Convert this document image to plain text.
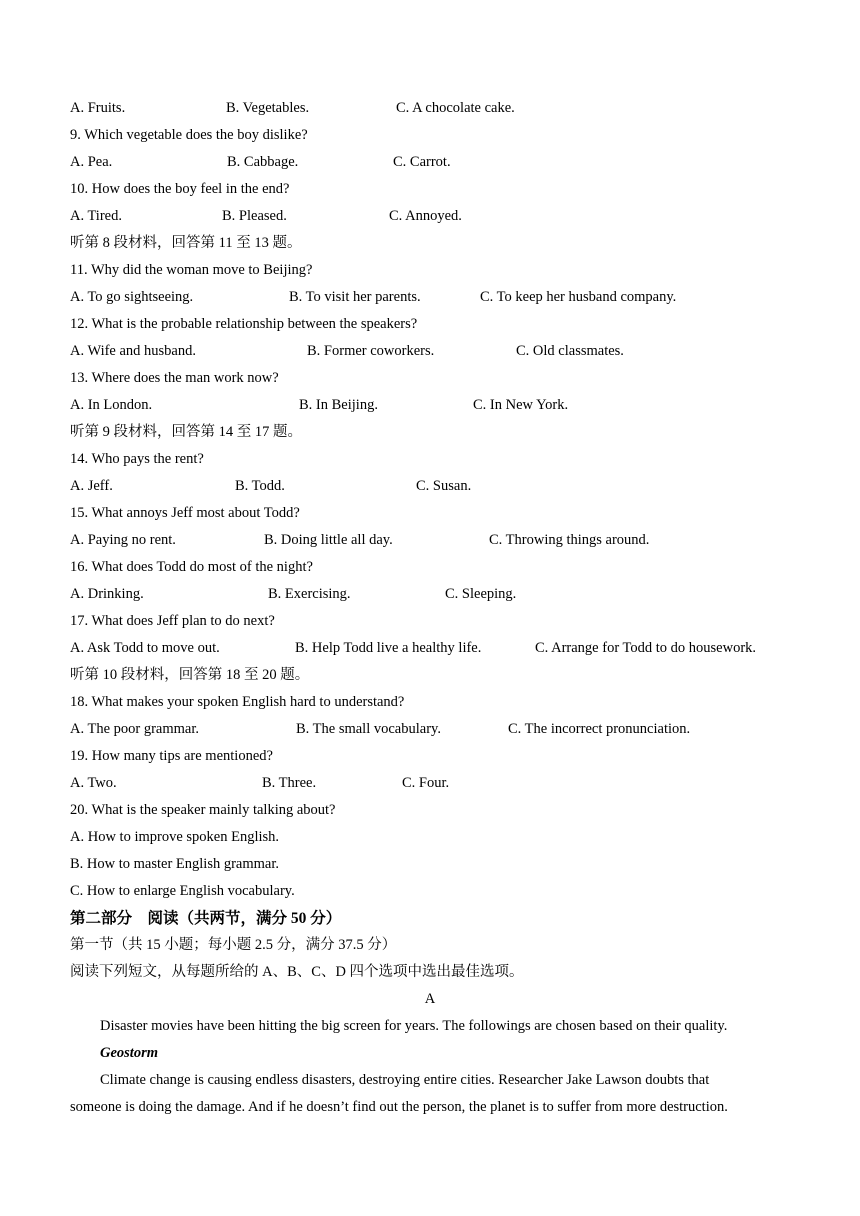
A. Fruits.	B. Vegetables.	C. A chocolate cake.
9. Which vegetable does the boy dislike?
A. Pea.	B. Cabbage.	C. Carrot.
10. How does the boy feel in the end?
A. Tired.	B. Pleased.	C. Annoyed.
听第 8 段材料，回答第 11 至 13 题。
11. Why did the woman move to Beijing?
A. To go sightseeing.	B. To visit her parents.	C. To keep her husband company.
12. What is the probable relationship between the speakers?
A. Wife and husband.	B. Former coworkers.	C. Old classmates.
13. Where does the man work now?
A. In London.	B. In Beijing.	C. In New York.
听第 9 段材料，回答第 14 至 17 题。
14. Who pays the rent?
A. Jeff.	B. Todd.	C. Susan.
15. What annoys Jeff most about Todd?
A. Paying no rent.	B. Doing little all day.	C. Throwing things around.
16. What does Todd do most of the night?
A. Drinking.	B. Exercising.	C. Sleeping.
17. What does Jeff plan to do next?
A. Ask Todd to move out.	B. Help Todd live a healthy life.	C. Arrange for Todd to do housework.
听第 10 段材料，回答第 18 至 20 题。
18. What makes your spoken English hard to understand?
A. The poor grammar.	B. The small vocabulary.	C. The incorrect pronunciation.
19. How many tips are mentioned?
A. Two.	B. Three.	C. Four.
20. What is the speaker mainly talking about?
A. How to improve spoken English.
B. How to master English grammar.
C. How to enlarge English vocabulary.
第二部分　阅读（共两节，满分 50 分）
第一节（共 15 小题；每小题 2.5 分，满分 37.5 分）
阅读下列短文，从每题所给的 A、B、C、D 四个选项中选出最佳选项。
A
Disaster movies have been hitting the big screen for years. The followings are chosen based on their quality.
Geostorm
Climate change is causing endless disasters, destroying entire cities. Researcher Jake Lawson doubts that
someone is doing the damage. And if he doesn’t find out the person, the planet is to suffer from more destruction.
